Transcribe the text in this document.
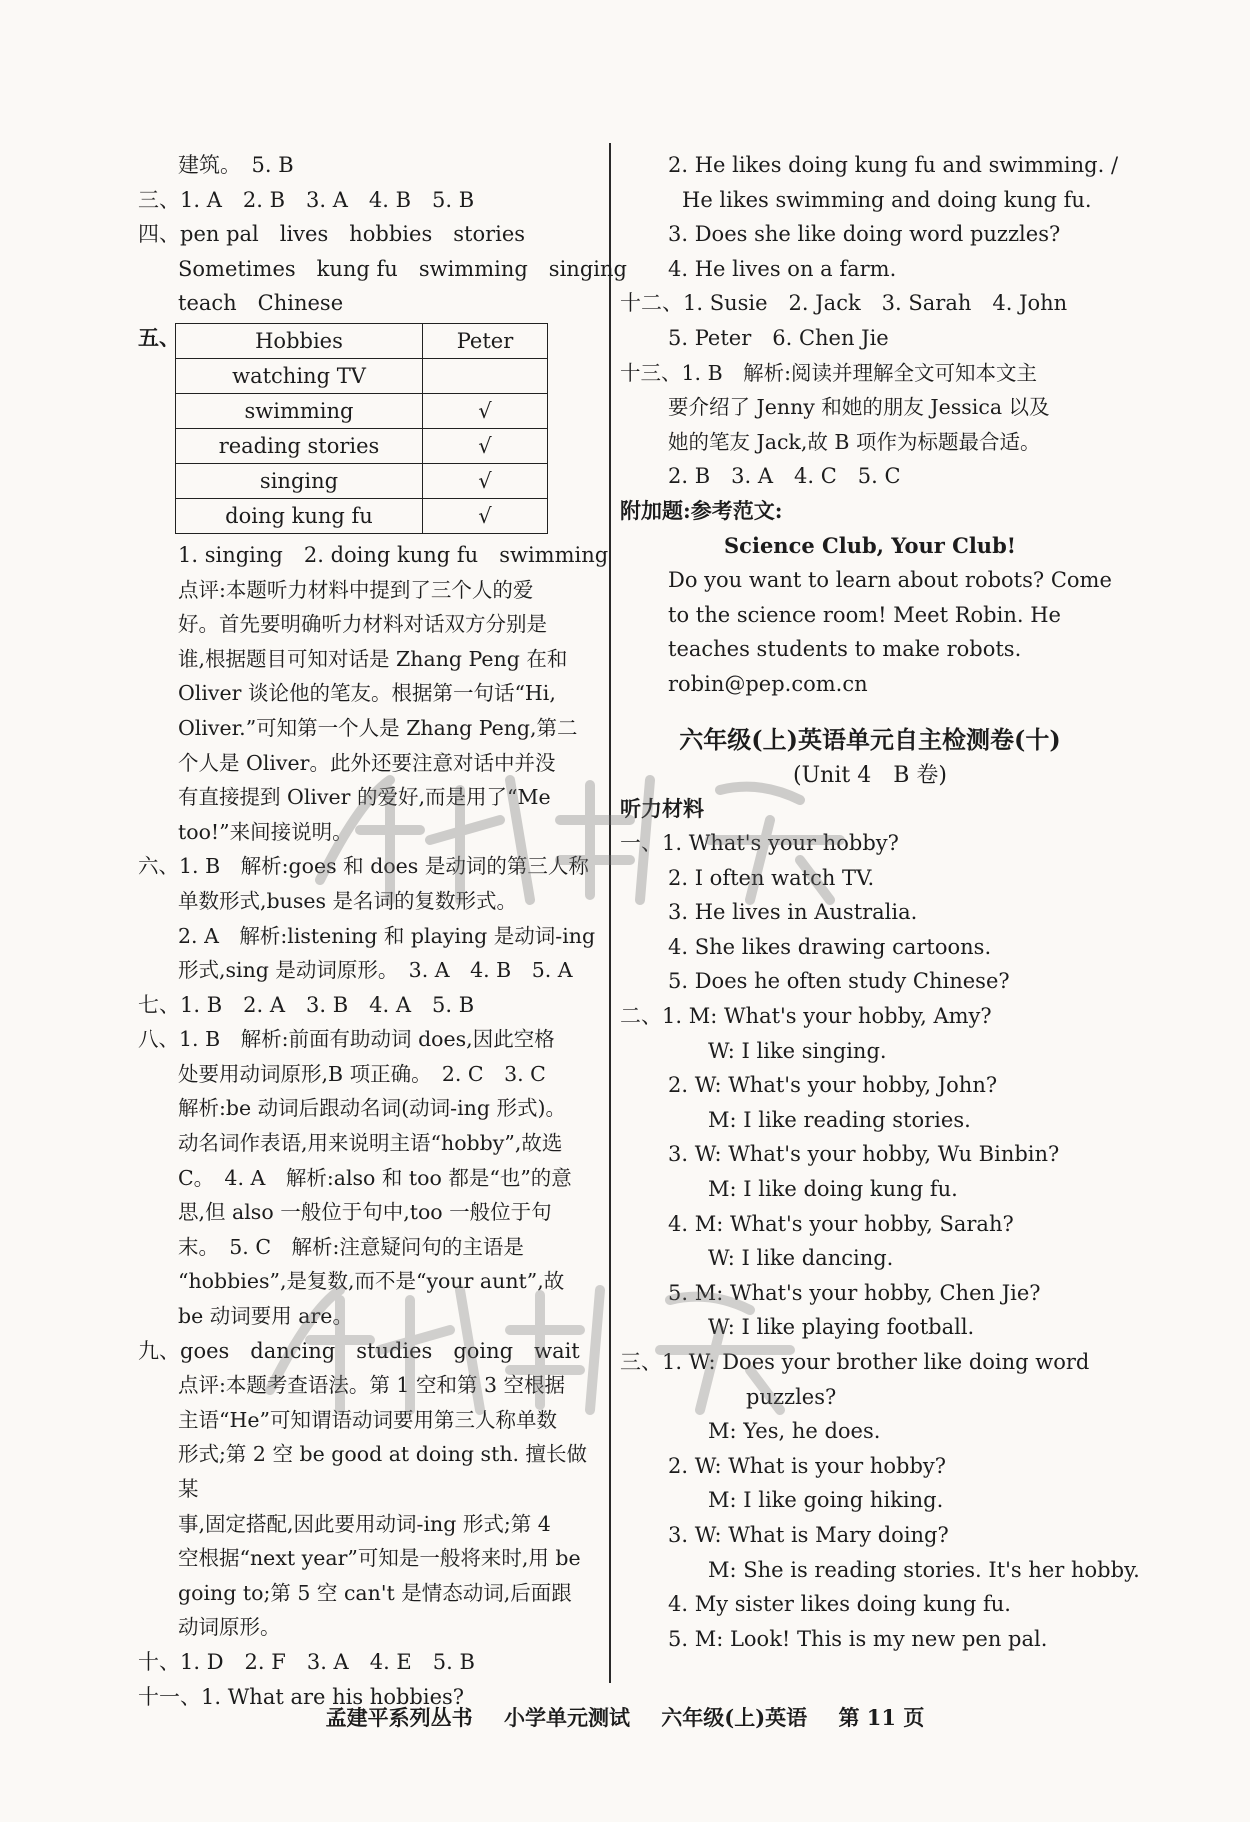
建筑。　5. B
三、1. A　2. B　3. A　4. B　5. B
四、pen pal　lives　hobbies　stories
Sometimes　kung fu　swimming　singing
teach　Chinese
五、	Hobbies	Peter
watching TV	
swimming	√
reading stories	√
singing	√
doing kung fu	√
1. singing　2. doing kung fu　swimming
点评:本题听力材料中提到了三个人的爱
好。首先要明确听力材料对话双方分别是
谁,根据题目可知对话是 Zhang Peng 在和
Oliver 谈论他的笔友。根据第一句话“Hi,
Oliver.”可知第一个人是 Zhang Peng,第二
个人是 Oliver。此外还要注意对话中并没
有直接提到 Oliver 的爱好,而是用了“Me
too!”来间接说明。
六、1. B　解析:goes 和 does 是动词的第三人称
单数形式,buses 是名词的复数形式。
2. A　解析:listening 和 playing 是动词-ing
形式,sing 是动词原形。　3. A　4. B　5. A
七、1. B　2. A　3. B　4. A　5. B
八、1. B　解析:前面有助动词 does,因此空格
处要用动词原形,B 项正确。　2. C　3. C
解析:be 动词后跟动名词(动词-ing 形式)。
动名词作表语,用来说明主语“hobby”,故选
C。　4. A　解析:also 和 too 都是“也”的意
思,但 also 一般位于句中,too 一般位于句
末。　5. C　解析:注意疑问句的主语是
“hobbies”,是复数,而不是“your aunt”,故
be 动词要用 are。
九、goes　dancing　studies　going　wait
点评:本题考查语法。第 1 空和第 3 空根据
主语“He”可知谓语动词要用第三人称单数
形式;第 2 空 be good at doing sth. 擅长做某
事,固定搭配,因此要用动词-ing 形式;第 4
空根据“next year”可知是一般将来时,用 be
going to;第 5 空 can't 是情态动词,后面跟
动词原形。
十、1. D　2. F　3. A　4. E　5. B
十一、1. What are his hobbies?
2. He likes doing kung fu and swimming. /
He likes swimming and doing kung fu.
3. Does she like doing word puzzles?
4. He lives on a farm.
十二、1. Susie　2. Jack　3. Sarah　4. John
5. Peter　6. Chen Jie
十三、1. B　解析:阅读并理解全文可知本文主
要介绍了 Jenny 和她的朋友 Jessica 以及
她的笔友 Jack,故 B 项作为标题最合适。
2. B　3. A　4. C　5. C
附加题:参考范文:
Science Club, Your Club!
Do you want to learn about robots? Come
to the science room! Meet Robin. He
teaches students to make robots.
robin@pep.com.cn
六年级(上)英语单元自主检测卷(十)
(Unit 4　B 卷)
听力材料
一、1. What's your hobby?
2. I often watch TV.
3. He lives in Australia.
4. She likes drawing cartoons.
5. Does he often study Chinese?
二、1. M: What's your hobby, Amy?
W: I like singing.
2. W: What's your hobby, John?
M: I like reading stories.
3. W: What's your hobby, Wu Binbin?
M: I like doing kung fu.
4. M: What's your hobby, Sarah?
W: I like dancing.
5. M: What's your hobby, Chen Jie?
W: I like playing football.
三、1. W: Does your brother like doing word
puzzles?
M: Yes, he does.
2. W: What is your hobby?
M: I like going hiking.
3. W: What is Mary doing?
M: She is reading stories. It's her hobby.
4. My sister likes doing kung fu.
5. M: Look! This is my new pen pal.
孟建平系列丛书 小学单元测试 六年级(上)英语 第 11 页
